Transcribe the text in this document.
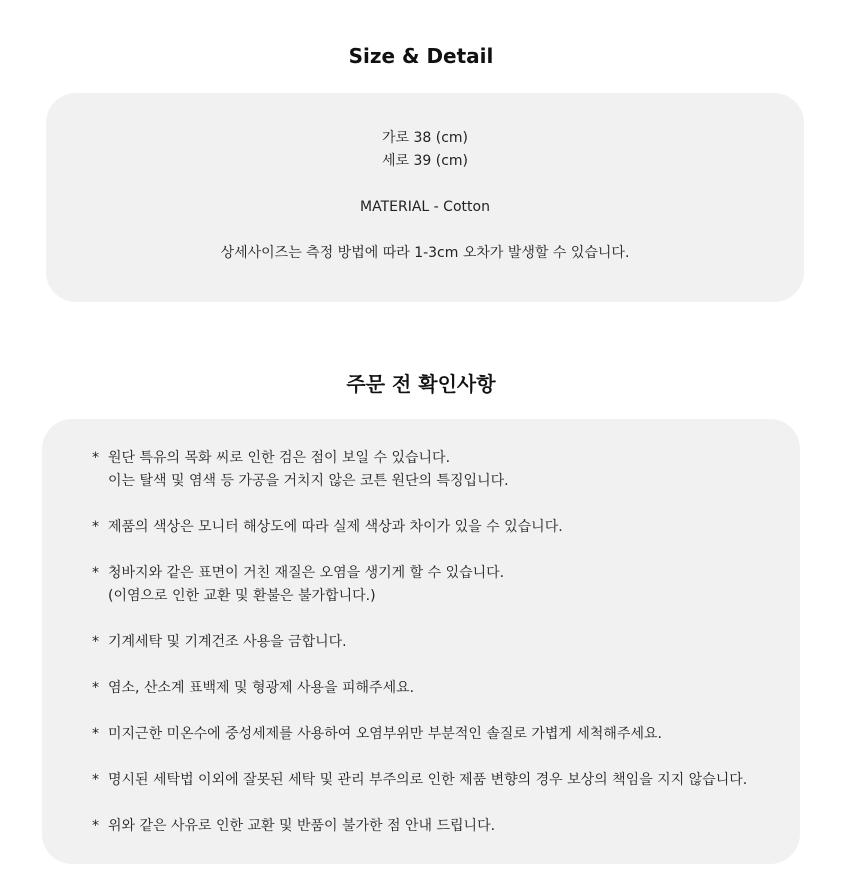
Size & Detail
가로 38 (cm)
세로 39 (cm)
MATERIAL - Cotton
상세사이즈는 측정 방법에 따라 1-3cm 오차가 발생할 수 있습니다.
주문 전 확인사항
* 원단 특유의 목화 씨로 인한 검은 점이 보일 수 있습니다.
이는 탈색 및 염색 등 가공을 거치지 않은 코튼 원단의 특징입니다.
* 제품의 색상은 모니터 해상도에 따라 실제 색상과 차이가 있을 수 있습니다.
* 청바지와 같은 표면이 거친 재질은 오염을 생기게 할 수 있습니다.
(이염으로 인한 교환 및 환불은 불가합니다.)
* 기계세탁 및 기계건조 사용을 금합니다.
* 염소, 산소계 표백제 및 형광제 사용을 피해주세요.
* 미지근한 미온수에 중성세제를 사용하여 오염부위만 부분적인 솔질로 가볍게 세척해주세요.
* 명시된 세탁법 이외에 잘못된 세탁 및 관리 부주의로 인한 제품 변향의 경우 보상의 책임을 지지 않습니다.
* 위와 같은 사유로 인한 교환 및 반품이 불가한 점 안내 드립니다.
